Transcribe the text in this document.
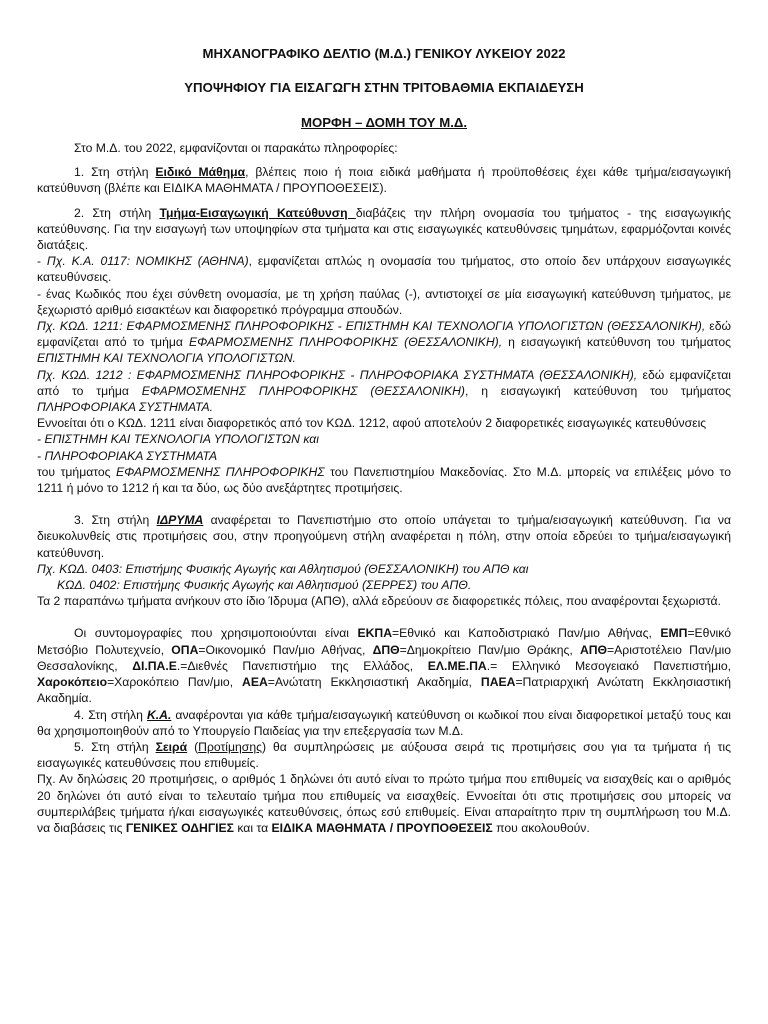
ΜΗΧΑΝΟΓΡΑΦΙΚΟ ΔΕΛΤΙΟ (Μ.Δ.) ΓΕΝΙΚΟΥ ΛΥΚΕΙΟΥ 2022
ΥΠΟΨΗΦΙΟΥ ΓΙΑ ΕΙΣΑΓΩΓΗ ΣΤΗΝ ΤΡΙΤΟΒΑΘΜΙΑ ΕΚΠΑΙΔΕΥΣΗ
ΜΟΡΦΗ – ΔΟΜΗ ΤΟΥ Μ.Δ.

Στο Μ.Δ. του 2022, εμφανίζονται οι παρακάτω πληροφορίες:

1. Στη στήλη Ειδικό Μάθημα, βλέπεις ποιο ή ποια ειδικά μαθήματα ή προϋποθέσεις έχει κάθε τμήμα/εισαγωγική κατεύθυνση (βλέπε και ΕΙΔΙΚΑ ΜΑΘΗΜΑΤΑ / ΠΡΟΥΠΟΘΕΣΕΙΣ).

2. Στη στήλη Τμήμα-Εισαγωγική Κατεύθυνση διαβάζεις την πλήρη ονομασία του τμήματος - της εισαγωγικής κατεύθυνσης. Για την εισαγωγή των υποψηφίων στα τμήματα και στις εισαγωγικές κατευθύνσεις τμημάτων, εφαρμόζονται κοινές διατάξεις.

- Πχ. Κ.Α. 0117: ΝΟΜΙΚΗΣ (ΑΘΗΝΑ), εμφανίζεται απλώς η ονομασία του τμήματος, στο οποίο δεν υπάρχουν εισαγωγικές κατευθύνσεις.

- ένας Κωδικός που έχει σύνθετη ονομασία, με τη χρήση παύλας (-), αντιστοιχεί σε μία εισαγωγική κατεύθυνση τμήματος, με ξεχωριστό αριθμό εισακτέων και διαφορετικό πρόγραμμα σπουδών.

Πχ. ΚΩΔ. 1211: ΕΦΑΡΜΟΣΜΕΝΗΣ ΠΛΗΡΟΦΟΡΙΚΗΣ - ΕΠΙΣΤΗΜΗ ΚΑΙ ΤΕΧΝΟΛΟΓΙΑ ΥΠΟΛΟΓΙΣΤΩΝ (ΘΕΣΣΑΛΟΝΙΚΗ), εδώ εμφανίζεται από το τμήμα ΕΦΑΡΜΟΣΜΕΝΗΣ ΠΛΗΡΟΦΟΡΙΚΗΣ (ΘΕΣΣΑΛΟΝΙΚΗ), η εισαγωγική κατεύθυνση του τμήματος ΕΠΙΣΤΗΜΗ ΚΑΙ ΤΕΧΝΟΛΟΓΙΑ ΥΠΟΛΟΓΙΣΤΩΝ.

Πχ. ΚΩΔ. 1212 : ΕΦΑΡΜΟΣΜΕΝΗΣ ΠΛΗΡΟΦΟΡΙΚΗΣ - ΠΛΗΡΟΦΟΡΙΑΚΑ ΣΥΣΤΗΜΑΤΑ (ΘΕΣΣΑΛΟΝΙΚΗ), εδώ εμφανίζεται από το τμήμα ΕΦΑΡΜΟΣΜΕΝΗΣ ΠΛΗΡΟΦΟΡΙΚΗΣ (ΘΕΣΣΑΛΟΝΙΚΗ), η εισαγωγική κατεύθυνση του τμήματος ΠΛΗΡΟΦΟΡΙΑΚΑ ΣΥΣΤΗΜΑΤΑ.

Εννοείται ότι ο ΚΩΔ. 1211 είναι διαφορετικός από τον ΚΩΔ. 1212, αφού αποτελούν 2 διαφορετικές εισαγωγικές κατευθύνσεις

- ΕΠΙΣΤΗΜΗ ΚΑΙ ΤΕΧΝΟΛΟΓΙΑ ΥΠΟΛΟΓΙΣΤΩΝ και

- ΠΛΗΡΟΦΟΡΙΑΚΑ ΣΥΣΤΗΜΑΤΑ

του τμήματος ΕΦΑΡΜΟΣΜΕΝΗΣ ΠΛΗΡΟΦΟΡΙΚΗΣ του Πανεπιστημίου Μακεδονίας. Στο Μ.Δ. μπορείς να επιλέξεις μόνο το 1211 ή μόνο το 1212 ή και τα δύο, ως δύο ανεξάρτητες προτιμήσεις.

3. Στη στήλη ΙΔΡΥΜΑ αναφέρεται το Πανεπιστήμιο στο οποίο υπάγεται το τμήμα/εισαγωγική κατεύθυνση. Για να διευκολυνθείς στις προτιμήσεις σου, στην προηγούμενη στήλη αναφέρεται η πόλη, στην οποία εδρεύει το τμήμα/εισαγωγική κατεύθυνση.

Πχ. ΚΩΔ. 0403: Επιστήμης Φυσικής Αγωγής και Αθλητισμού (ΘΕΣΣΑΛΟΝΙΚΗ) του ΑΠΘ και

ΚΩΔ. 0402: Επιστήμης Φυσικής Αγωγής και Αθλητισμού (ΣΕΡΡΕΣ) του ΑΠΘ.

Τα 2 παραπάνω τμήματα ανήκουν στο ίδιο Ίδρυμα (ΑΠΘ), αλλά εδρεύουν σε διαφορετικές πόλεις, που αναφέρονται ξεχωριστά.

Οι συντομογραφίες που χρησιμοποιούνται είναι ΕΚΠΑ=Εθνικό και Καποδιστριακό Παν/μιο Αθήνας, ΕΜΠ=Εθνικό Μετσόβιο Πολυτεχνείο, ΟΠΑ=Οικονομικό Παν/μιο Αθήνας, ΔΠΘ=Δημοκρίτειο Παν/μιο Θράκης, ΑΠΘ=Αριστοτέλειο Παν/μιο Θεσσαλονίκης, ΔΙ.ΠΑ.Ε.=Διεθνές Πανεπιστήμιο της Ελλάδος, ΕΛ.ΜΕ.ΠΑ.= Ελληνικό Μεσογειακό Πανεπιστήμιο, Χαροκόπειο=Χαροκόπειο Παν/μιο, ΑΕΑ=Ανώτατη Εκκλησιαστική Ακαδημία, ΠΑΕΑ=Πατριαρχική Ανώτατη Εκκλησιαστική Ακαδημία.

4. Στη στήλη Κ.Α. αναφέρονται για κάθε τμήμα/εισαγωγική κατεύθυνση οι κωδικοί που είναι διαφορετικοί μεταξύ τους και θα χρησιμοποιηθούν από το Υπουργείο Παιδείας για την επεξεργασία των Μ.Δ.

5. Στη στήλη Σειρά (Προτίμησης) θα συμπληρώσεις με αύξουσα σειρά τις προτιμήσεις σου για τα τμήματα ή τις εισαγωγικές κατευθύνσεις που επιθυμείς.

Πχ. Αν δηλώσεις 20 προτιμήσεις, ο αριθμός 1 δηλώνει ότι αυτό είναι το πρώτο τμήμα που επιθυμείς να εισαχθείς και ο αριθμός 20 δηλώνει ότι αυτό είναι το τελευταίο τμήμα που επιθυμείς να εισαχθείς. Εννοείται ότι στις προτιμήσεις σου μπορείς να συμπεριλάβεις τμήματα ή/και εισαγωγικές κατευθύνσεις, όπως εσύ επιθυμείς. Είναι απαραίτητο πριν τη συμπλήρωση του Μ.Δ. να διαβάσεις τις ΓΕΝΙΚΕΣ ΟΔΗΓΙΕΣ και τα ΕΙΔΙΚΑ ΜΑΘΗΜΑΤΑ / ΠΡΟΥΠΟΘΕΣΕΙΣ που ακολουθούν.
